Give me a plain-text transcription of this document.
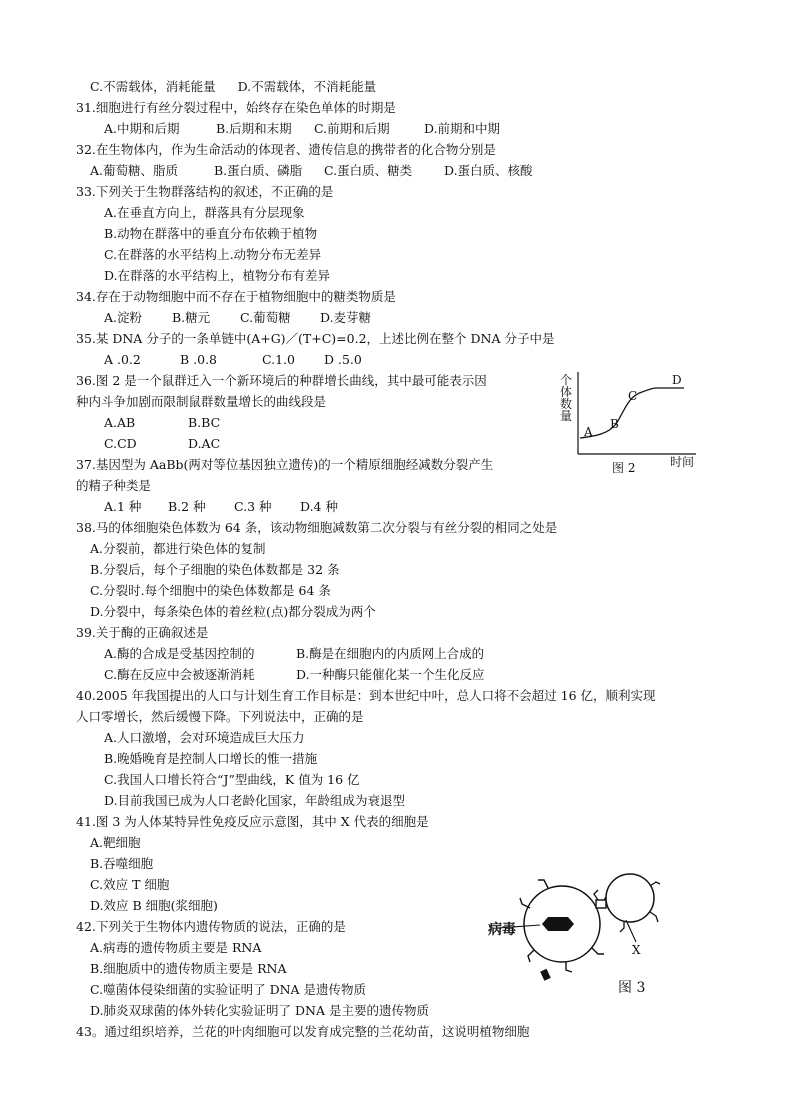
C.不需载体，消耗能量 D.不需载体，不消耗能量
31.细胞进行有丝分裂过程中，始终存在染色单体的时期是
A.中期和后期	B.后期和末期 C.前期和后期	D.前期和中期
32.在生物体内，作为生命活动的体现者、遗传信息的携带者的化合物分别是
A.葡萄糖、脂质	B.蛋白质、磷脂 C.蛋白质、糖类	D.蛋白质、核酸
33.下列关于生物群落结构的叙述，不正确的是
A.在垂直方向上，群落具有分层现象
B.动物在群落中的垂直分布依赖于植物
C.在群落的水平结构上.动物分布无差异
D.在群落的水平结构上，植物分布有差异
34.存在于动物细胞中而不存在于植物细胞中的糖类物质是
A.淀粉 B.糖元 C.葡萄糖 D.麦芽糖
35.某 DNA 分子的一条单链中(A+G)／(T+C)=0.2，上述比例在整个 DNA 分子中是
A .0.2	B .0.8	C.1.0 D .5.0
36.图 2 是一个鼠群迁入一个新环境后的种群增长曲线，其中最可能表示因
种内斗争加剧而限制鼠群数量增长的曲线段是
A.AB	B.BC
C.CD	D.AC
37.基因型为 AaBb(两对等位基因独立遗传)的一个精原细胞经减数分裂产生
的精子种类是
A.1 种 B.2 种 C.3 种 D.4 种
38.马的体细胞染色体数为 64 条，该动物细胞减数第二次分裂与有丝分裂的相同之处是
A.分裂前，都进行染色体的复制
B.分裂后，每个子细胞的染色体数都是 32 条
C.分裂时.每个细胞中的染色体数都是 64 条
D.分裂中，每条染色体的着丝粒(点)都分裂成为两个
39.关于酶的正确叙述是
A.酶的合成是受基因控制的	B.酶是在细胞内的内质网上合成的
C.酶在反应中会被逐渐消耗	D.一种酶只能催化某一个生化反应
40.2005 年我国提出的人口与计划生育工作目标是：到本世纪中叶，总人口将不会超过 16 亿，顺利实现
人口零增长，然后缓慢下降。下列说法中，正确的是
A.人口激增，会对环境造成巨大压力
B.晚婚晚育是控制人口增长的惟一措施
C.我国人口增长符合“J”型曲线，K 值为 16 亿
D.目前我国已成为人口老龄化国家，年龄组成为衰退型
41.图 3 为人体某特异性免疫反应示意图，其中 X 代表的细胞是
A.靶细胞
B.吞噬细胞
C.效应 T 细胞
D.效应 B 细胞(浆细胞)
42.下列关于生物体内遗传物质的说法，正确的是
A.病毒的遗传物质主要是 RNA
B.细胞质中的遗传物质主要是 RNA
C.噬菌体侵染细菌的实验证明了 DNA 是遗传物质
D.肺炎双球菌的体外转化实验证明了 DNA 是主要的遗传物质
43。通过组织培养，兰花的叶肉细胞可以发育成完整的兰花幼苗，这说明植物细胞
个
体
数
量
A
B
C
D
图 2	时间
病毒
X
图 3
